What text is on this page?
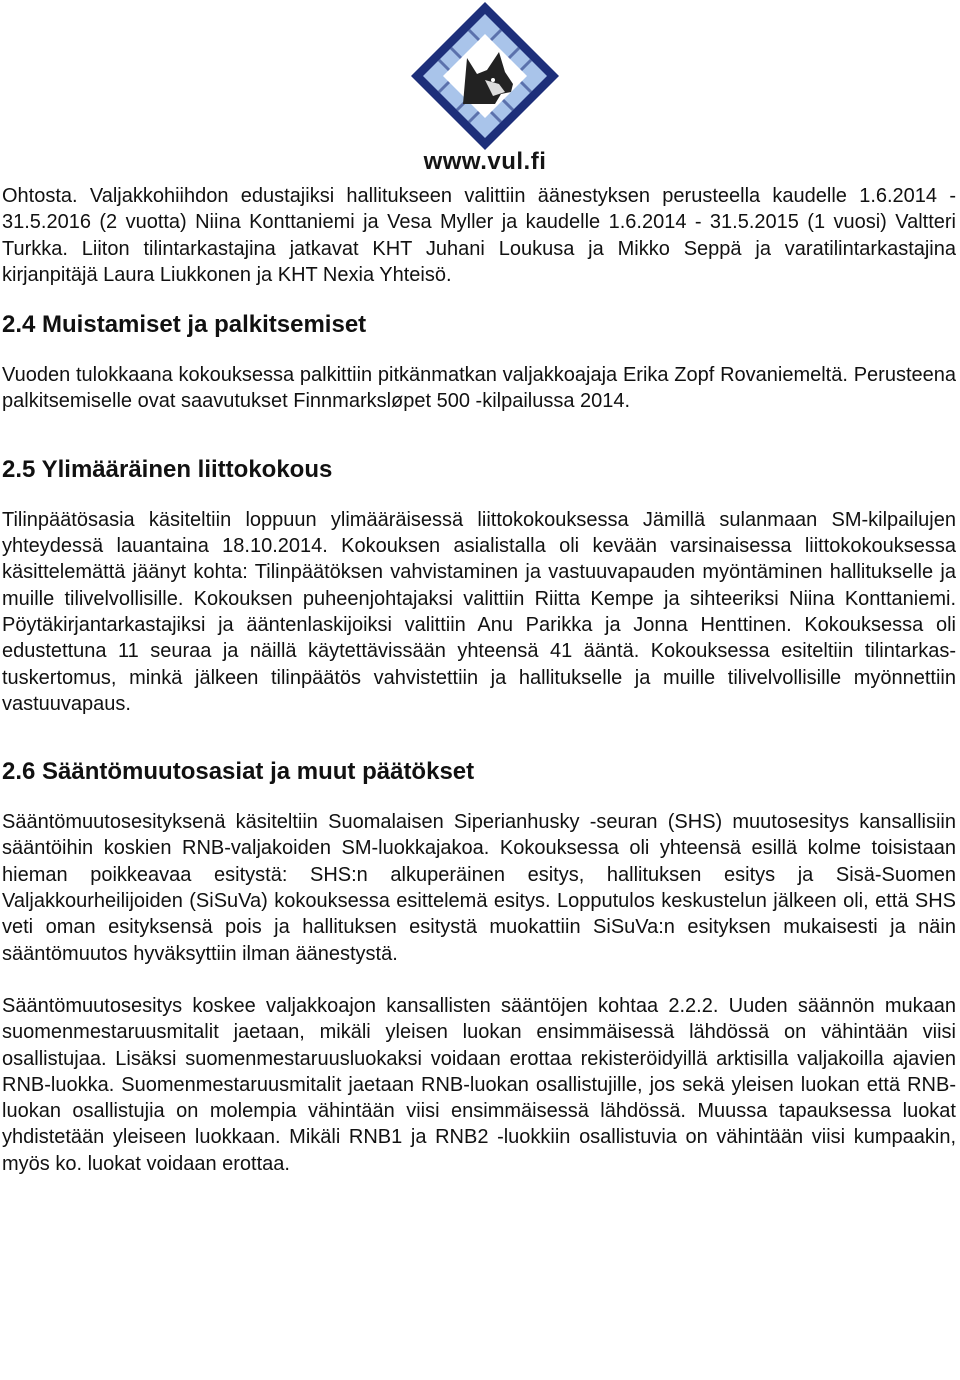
www.vul.fi

Ohtosta. Valjakkohiihdon edustajiksi hallitukseen valittiin äänestyksen perusteella kaudelle 1.6.2014 - 31.5.2016 (2 vuotta) Niina Konttaniemi ja Vesa Myller ja kaudelle 1.6.2014 - 31.5.2015 (1 vuosi) Valtteri Turkka. Liiton tilintarkastajina jatkavat KHT Juhani Loukusa ja Mikko Seppä ja varatilintarkastajina kirjanpitäjä Laura Liukkonen ja KHT Nexia Yhteisö.

2.4 Muistamiset ja palkitsemiset

Vuoden tulokkaana kokouksessa palkittiin pitkänmatkan valjakkoajaja Erika Zopf Rovaniemeltä. Perusteena palkitsemiselle ovat saavutukset Finnmarksløpet 500 -kilpailussa 2014.

2.5 Ylimääräinen liittokokous

Tilinpäätösasia käsiteltiin loppuun ylimääräisessä liittokokouksessa Jämillä sulanmaan SM-kilpailujen yhteydessä lauantaina 18.10.2014. Kokouksen asialistalla oli kevään varsinaisessa liittokokouksessa käsittelemättä jäänyt kohta: Tilinpäätöksen vahvistaminen ja vastuuvapauden myöntäminen hallitukselle ja muille tilivelvollisille. Kokouksen puheenjohtajaksi valittiin Riitta Kempe ja sihteeriksi Niina Konttaniemi. Pöytäkirjantarkastajiksi ja ääntenlaskijoiksi valittiin Anu Parikka ja Jonna Henttinen. Kokouksessa oli edustettuna 11 seuraa ja näillä käytettävissään yhteensä 41 ääntä. Kokouksessa esiteltiin tilintarkastuskertomus, minkä jälkeen tilinpäätös vahvistettiin ja hallitukselle ja muille tilivelvollisille myönnettiin vastuuvapaus.

2.6 Sääntömuutosasiat ja muut päätökset

Sääntömuutosesityksenä käsiteltiin Suomalaisen Siperianhusky -seuran (SHS) muutosesitys kansallisiin sääntöihin koskien RNB-valjakoiden SM-luokkajakoa. Kokouksessa oli yhteensä esillä kolme toisistaan hieman poikkeavaa esitystä: SHS:n alkuperäinen esitys, hallituksen esitys ja Sisä-Suomen Valjakkourheilijoiden (SiSuVa) kokouksessa esittelemä esitys. Lopputulos keskustelun jälkeen oli, että SHS veti oman esityksensä pois ja hallituksen esitystä muokattiin SiSuVa:n esityksen mukaisesti ja näin sääntömuutos hyväksyttiin ilman äänestystä.

Sääntömuutosesitys koskee valjakkoajon kansallisten sääntöjen kohtaa 2.2.2. Uuden säännön mukaan suomenmestaruusmitalit jaetaan, mikäli yleisen luokan ensimmäisessä lähdössä on vähintään viisi osallistujaa. Lisäksi suomenmestaruusluokaksi voidaan erottaa rekisteröidyillä arktisilla valjakoilla ajavien RNB-luokka. Suomenmestaruusmitalit jaetaan RNB-luokan osallistujille, jos sekä yleisen luokan että RNB-luokan osallistujia on molempia vähintään viisi ensimmäisessä lähdössä. Muussa tapauksessa luokat yhdistetään yleiseen luokkaan. Mikäli RNB1 ja RNB2 -luokkiin osallistuvia on vähintään viisi kumpaakin, myös ko. luokat voidaan erottaa.
